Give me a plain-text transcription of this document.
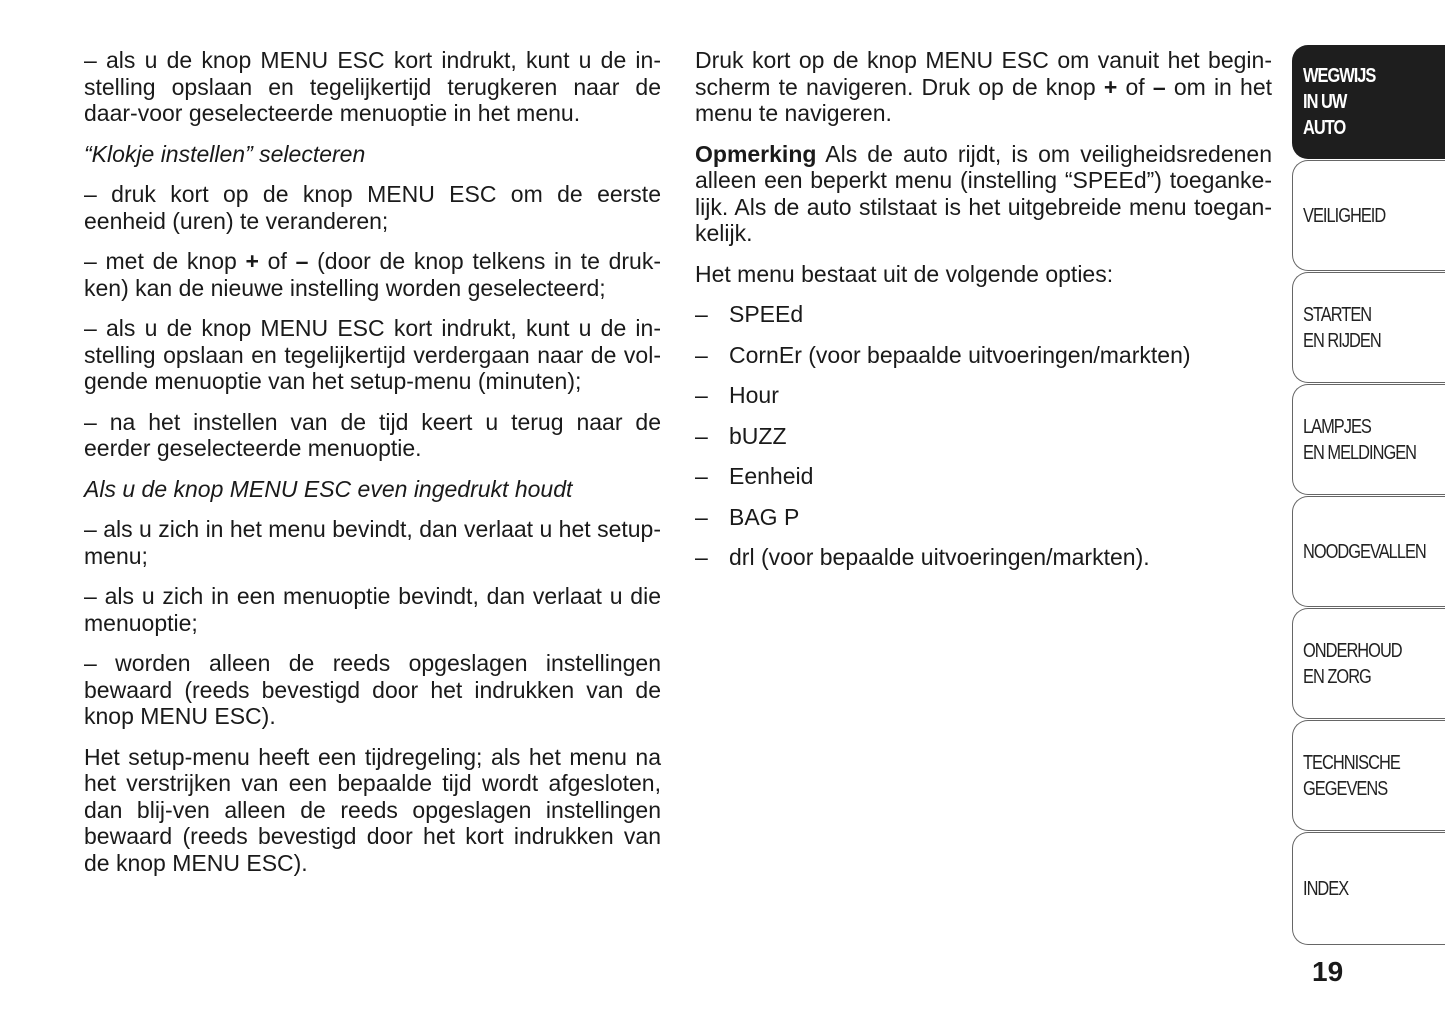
– als u de knop MENU ESC kort indrukt, kunt u de in-stelling opslaan en tegelijkertijd terugkeren naar de daar-voor geselecteerde menuoptie in het menu.

“Klokje instellen” selecteren

– druk kort op de knop MENU ESC om de eerste eenheid (uren) te veranderen;

– met de knop + of – (door de knop telkens in te druk-ken) kan de nieuwe instelling worden geselecteerd;

– als u de knop MENU ESC kort indrukt, kunt u de in-stelling opslaan en tegelijkertijd verdergaan naar de vol-gende menuoptie van het setup-menu (minuten);

– na het instellen van de tijd keert u terug naar de eerder geselecteerde menuoptie.

Als u de knop MENU ESC even ingedrukt houdt

– als u zich in het menu bevindt, dan verlaat u het setup-menu;

– als u zich in een menuoptie bevindt, dan verlaat u die menuoptie;

– worden alleen de reeds opgeslagen instellingen bewaard (reeds bevestigd door het indrukken van de knop MENU ESC).

Het setup-menu heeft een tijdregeling; als het menu na het verstrijken van een bepaalde tijd wordt afgesloten, dan blij-ven alleen de reeds opgeslagen instellingen bewaard (reeds bevestigd door het kort indrukken van de knop MENU ESC).

Druk kort op de knop MENU ESC om vanuit het begin-scherm te navigeren. Druk op de knop + of – om in het menu te navigeren.

Opmerking Als de auto rijdt, is om veiligheidsredenen alleen een beperkt menu (instelling “SPEEd”) toeganke-lijk. Als de auto stilstaat is het uitgebreide menu toegan-kelijk.

Het menu bestaat uit de volgende opties:

– SPEEd
– CornEr (voor bepaalde uitvoeringen/markten)
– Hour
– bUZZ
– Eenheid
– BAG P
– drl (voor bepaalde uitvoeringen/markten).
WEGWIJS
IN UW
AUTO
VEILIGHEID
STARTEN
EN RIJDEN
LAMPJES
EN MELDINGEN
NOODGEVALLEN
ONDERHOUD
EN ZORG
TECHNISCHE
GEGEVENS
INDEX
19
